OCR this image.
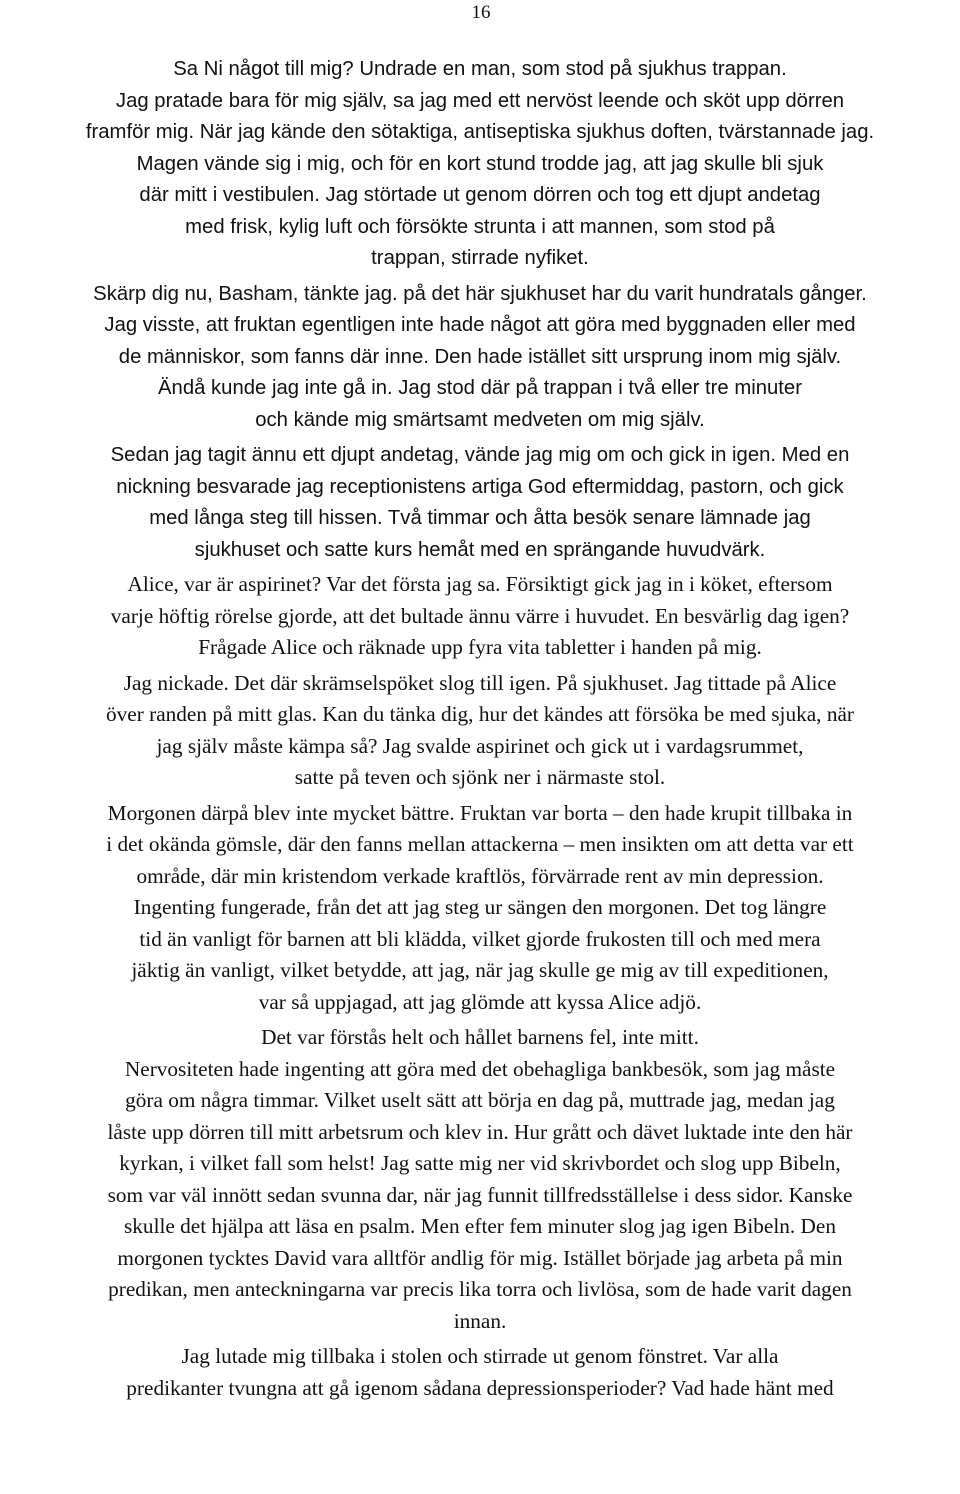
16
Sa Ni något till mig? Undrade en man, som stod på sjukhus trappan.
Jag pratade bara för mig själv, sa jag med ett nervöst leende och sköt upp dörren
framför mig. När jag kände den sötaktiga, antiseptiska sjukhus doften, tvärstannade jag.
Magen vände sig i mig, och för en kort stund trodde jag, att jag skulle bli sjuk
där mitt i vestibulen. Jag störtade ut genom dörren och tog ett djupt andetag
med frisk, kylig luft och försökte strunta i att mannen, som stod på
trappan, stirrade nyfiket.
Skärp dig nu, Basham, tänkte jag. på det här sjukhuset har du varit hundratals gånger.
Jag visste, att fruktan egentligen inte hade något att göra med byggnaden eller med
de människor, som fanns där inne. Den hade istället sitt ursprung inom mig själv.
Ändå kunde jag inte gå in. Jag stod där på trappan i två eller tre minuter
och kände mig smärtsamt medveten om mig själv.
Sedan jag tagit ännu ett djupt andetag, vände jag mig om och gick in igen. Med en
nickning besvarade jag receptionistens artiga God eftermiddag, pastorn, och gick
med långa steg till hissen. Två timmar och åtta besök senare lämnade jag
sjukhuset och satte kurs hemåt med en sprängande huvudvärk.
Alice, var är aspirinet? Var det första jag sa. Försiktigt gick jag in i köket, eftersom
varje höftig rörelse gjorde, att det bultade ännu värre i huvudet. En besvärlig dag igen?
Frågade Alice och räknade upp fyra vita tabletter i handen på mig.
Jag nickade. Det där skrämselspöket slog till igen. På sjukhuset. Jag tittade på Alice
över randen på mitt glas. Kan du tänka dig, hur det kändes att försöka be med sjuka, när
jag själv måste kämpa så? Jag svalde aspirinet och gick ut i vardagsrummet,
satte på teven och sjönk ner i närmaste stol.
Morgonen därpå blev inte mycket bättre. Fruktan var borta – den hade krupit tillbaka in
i det okända gömsle, där den fanns mellan attackerna – men insikten om att detta var ett
område, där min kristendom verkade kraftlös, förvärrade rent av min depression.
Ingenting fungerade, från det att jag steg ur sängen den morgonen. Det tog längre
tid än vanligt för barnen att bli klädda, vilket gjorde frukosten till och med mera
jäktig än vanligt, vilket betydde, att jag, när jag skulle ge mig av till expeditionen,
var så uppjagad, att jag glömde att kyssa Alice adjö.
Det var förstås helt och hållet barnens fel, inte mitt.
Nervositeten hade ingenting att göra med det obehagliga bankbesök, som jag måste
göra om några timmar. Vilket uselt sätt att börja en dag på, muttrade jag, medan jag
låste upp dörren till mitt arbetsrum och klev in. Hur grått och dävet luktade inte den här
kyrkan, i vilket fall som helst! Jag satte mig ner vid skrivbordet och slog upp Bibeln,
som var väl innött sedan svunna dar, när jag funnit tillfredsställelse i dess sidor. Kanske
skulle det hjälpa att läsa en psalm. Men efter fem minuter slog jag igen Bibeln. Den
morgonen tycktes David vara alltför andlig för mig. Istället började jag arbeta på min
predikan, men anteckningarna var precis lika torra och livlösa, som de hade varit dagen
innan.
Jag lutade mig tillbaka i stolen och stirrade ut genom fönstret. Var alla
predikanter tvungna att gå igenom sådana depressionsperioder? Vad hade hänt med
